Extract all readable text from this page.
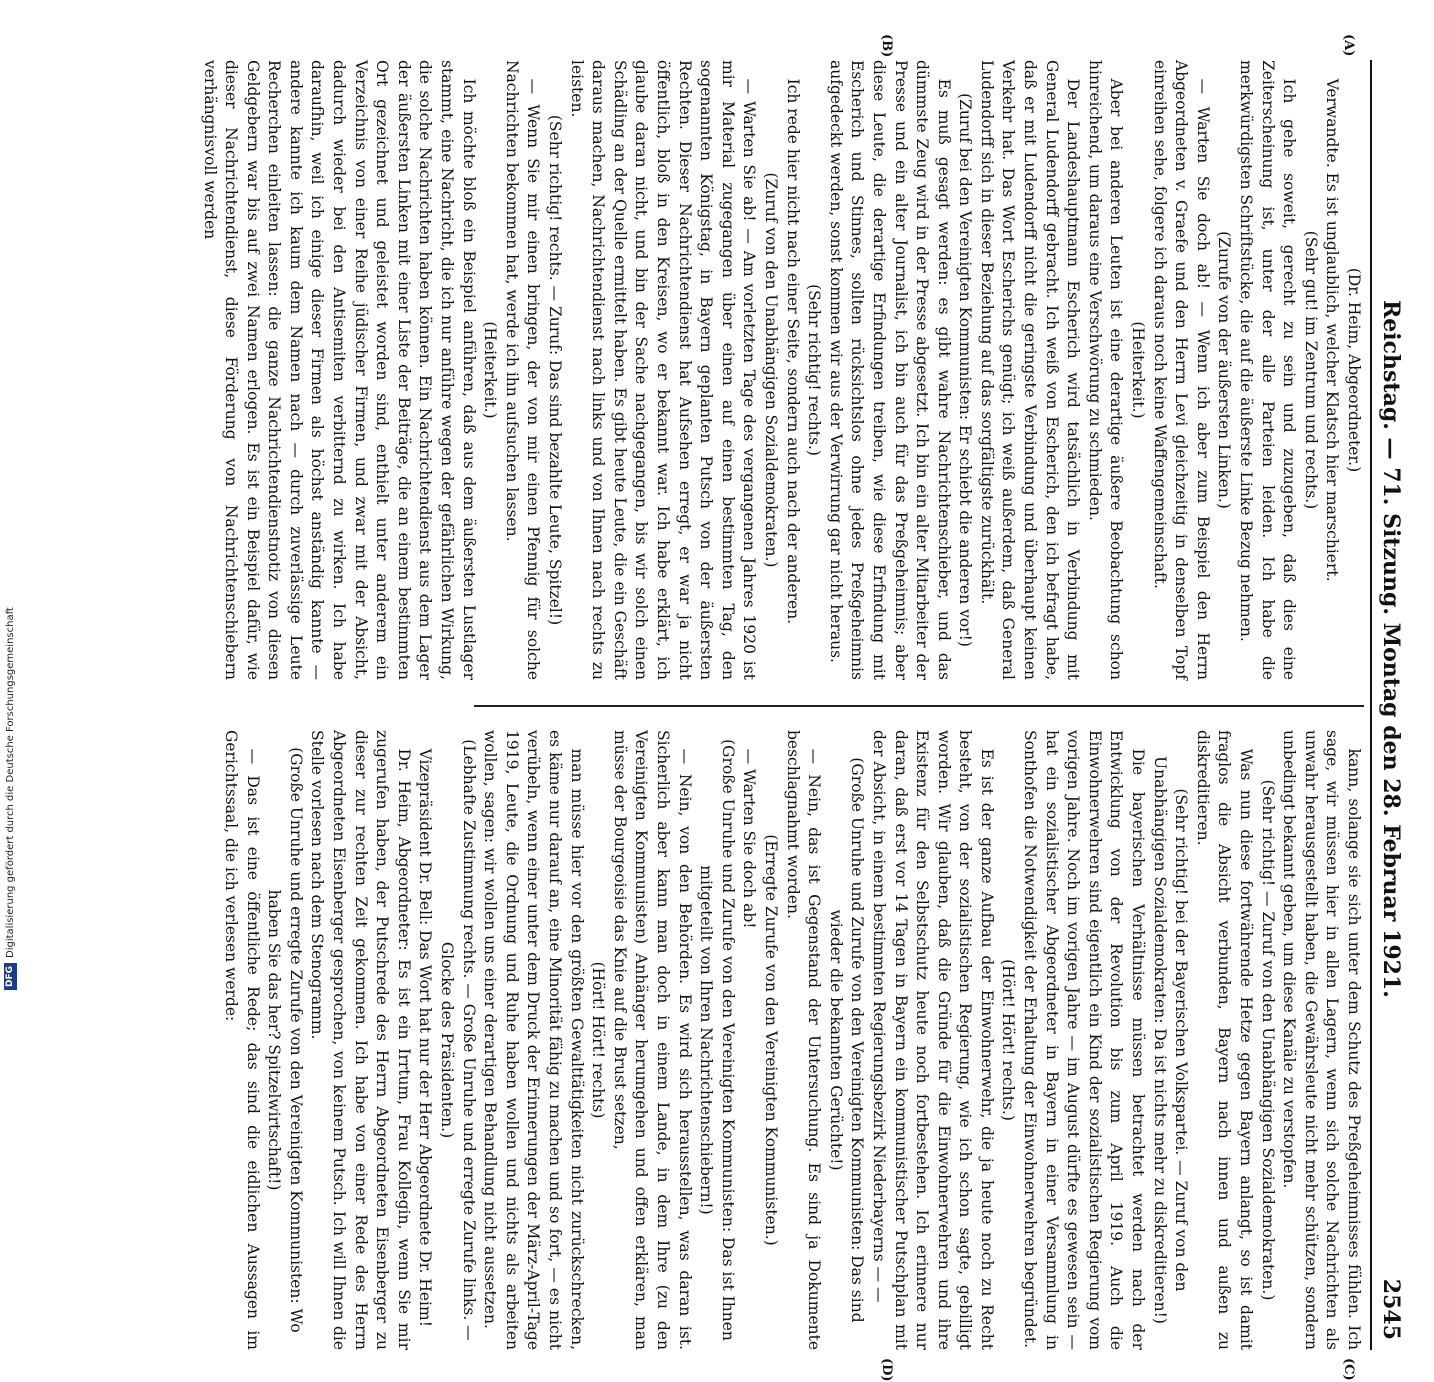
Reichstag. — 71. Sitzung. Montag den 28. Februar 1921.
2545
(A)
(B)
(C)
(D)

(Dr. Heim, Abgeordneter.)

Verwandte. Es ist unglaublich, welcher Klatsch hier marschiert.

(Sehr gut! im Zentrum und rechts.)

Ich gehe soweit, gerecht zu sein und zuzugeben, daß dies eine Zeiterscheinung ist, unter der alle Parteien leiden. Ich habe die merkwürdigsten Schriftstücke, die auf die äußerste Linke Bezug nehmen.

(Zurufe von der äußersten Linken.)

— Warten Sie doch ab! — Wenn ich aber zum Beispiel den Herrn Abgeordneten v. Graefe und den Herrn Levi gleichzeitig in denselben Topf einreihen sehe, folgere ich daraus noch keine Waffengemeinschaft.

(Heiterkeit.)

Aber bei anderen Leuten ist eine derartige äußere Beobachtung schon hinreichend, um daraus eine Verschwörung zu schmieden.

Der Landeshauptmann Escherich wird tatsächlich in Verbindung mit General Ludendorff gebracht. Ich weiß von Escherich, den ich befragt habe, daß er mit Ludendorff nicht die geringste Verbindung und überhaupt keinen Verkehr hat. Das Wort Escherichs genügt; ich weiß außerdem, daß General Ludendorff sich in dieser Beziehung auf das sorgfältigste zurückhält.

(Zuruf bei den Vereinigten Kommunisten: Er schiebt die anderen vor!)

Es muß gesagt werden: es gibt wahre Nachrichtenschieber, und das dümmste Zeug wird in der Presse abgesetzt. Ich bin ein alter Mitarbeiter der Presse und ein alter Journalist, ich bin auch für das Preßgeheimnis; aber diese Leute, die derartige Erfindungen treiben, wie diese Erfindung mit Escherich und Stinnes, sollten rücksichtslos ohne jedes Preßgeheimnis aufgedeckt werden, sonst kommen wir aus der Verwirrung gar nicht heraus.

(Sehr richtig! rechts.)

Ich rede hier nicht nach einer Seite, sondern auch nach der anderen.

(Zuruf von den Unabhängigen Sozialdemokraten.)

— Warten Sie ab! — Am vorletzten Tage des vergangenen Jahres 1920 ist mir Material zugegangen über einen auf einen bestimmten Tag, den sogenannten Königstag, in Bayern geplanten Putsch von der äußersten Rechten. Dieser Nachrichtendienst hat Aufsehen erregt, er war ja nicht öffentlich, bloß in den Kreisen, wo er bekannt war. Ich habe erklärt, ich glaube daran nicht, und bin der Sache nachgegangen, bis wir solch einen Schädling an der Quelle ermittelt haben. Es gibt heute Leute, die ein Geschäft daraus machen, Nachrichtendienst nach links und von Ihnen nach rechts zu leisten.

(Sehr richtig! rechts. — Zuruf: Das sind bezahlte Leute, Spitzel!)

— Wenn Sie mir einen bringen, der von mir einen Pfennig für solche Nachrichten bekommen hat, werde ich ihn aufsuchen lassen.

(Heiterkeit.)

Ich möchte bloß ein Beispiel anführen, daß aus dem äußersten Lustlager stammt, eine Nachricht, die ich nur anführe wegen der gefährlichen Wirkung, die solche Nachrichten haben können. Ein Nachrichtendienst aus dem Lager der äußersten Linken mit einer Liste der Beiträge, die an einem bestimmten Ort gezeichnet und geleistet worden sind, enthielt unter anderem ein Verzeichnis von einer Reihe jüdischer Firmen, und zwar mit der Absicht, dadurch wieder bei den Antisemiten verbitternd zu wirken. Ich habe daraufhin, weil ich einige dieser Firmen als höchst anständig kannte — andere kannte ich kaum dem Namen nach — durch zuverlässige Leute Recherchen einleiten lassen: die ganze Nachrichtendienstnotiz von diesen Geldgebern war bis auf zwei Namen erlogen. Es ist ein Beispiel dafür, wie dieser Nachrichtendienst, diese Förderung von Nachrichtenschiebern verhängnisvoll werden

kann, solange sie sich unter dem Schutz des Preßgeheimnisses fühlen. Ich sage, wir müssen hier in allen Lagern, wenn sich solche Nachrichten als unwahr herausgestellt haben, die Gewährsleute nicht mehr schützen, sondern unbedingt bekannt geben, um diese Kanäle zu verstopfen.

(Sehr richtig! — Zuruf von den Unabhängigen Sozialdemokraten.)

Was nun diese fortwährende Hetze gegen Bayern anlangt, so ist damit fraglos die Absicht verbunden, Bayern nach innen und außen zu diskreditieren.

(Sehr richtig! bei der Bayerischen Volkspartei. — Zuruf von den Unabhängigen Sozialdemokraten: Da ist nichts mehr zu diskreditieren!)

Die bayerischen Verhältnisse müssen betrachtet werden nach der Entwicklung von der Revolution bis zum April 1919. Auch die Einwohnerwehren sind eigentlich ein Kind der sozialistischen Regierung vom vorigen Jahre. Noch im vorigen Jahre — im August dürfte es gewesen sein — hat ein sozialistischer Abgeordneter in Bayern in einer Versammlung in Sonthofen die Notwendigkeit der Erhaltung der Einwohnerwehren begründet.

(Hört! Hört! rechts.)

Es ist der ganze Aufbau der Einwohnerwehr, die ja heute noch zu Recht besteht, von der sozialistischen Regierung, wie ich schon sagte, gebilligt worden. Wir glauben, daß die Gründe für die Einwohnerwehren und ihre Existenz für den Selbstschutz heute noch fortbestehen. Ich erinnere nur daran, daß erst vor 14 Tagen in Bayern ein kommunistischer Putschplan mit der Absicht, in einem bestimmten Regierungsbezirk Niederbayerns — —

(Große Unruhe und Zurufe von den Vereinigten Kommunisten: Das sind wieder die bekannten Gerüchte!)

— Nein, das ist Gegenstand der Untersuchung. Es sind ja Dokumente beschlagnahmt worden.

(Erregte Zurufe von den Vereinigten Kommunisten.)

— Warten Sie doch ab!

(Große Unruhe und Zurufe von den Vereinigten Kommunisten: Das ist Ihnen mitgeteilt von Ihren Nachrichtenschiebern!)

— Nein, von den Behörden. Es wird sich herausstellen, was daran ist. Sicherlich aber kann man doch in einem Lande, in dem Ihre (zu den Vereinigten Kommunisten) Anhänger herumgehen und offen erklären, man müsse der Bourgeoisie das Knie auf die Brust setzen,

(Hört! Hört! rechts)

man müsse hier vor den größten Gewalttätigkeiten nicht zurückschrecken, es käme nur darauf an, eine Minorität fähig zu machen und so fort, — es nicht verübeln, wenn einer unter dem Druck der Erinnerungen der März-April-Tage 1919, Leute, die Ordnung und Ruhe haben wollen und nichts als arbeiten wollen, sagen: wir wollen uns einer derartigen Behandlung nicht aussetzen.

(Lebhafte Zustimmung rechts. — Große Unruhe und erregte Zurufe links. — Glocke des Präsidenten.)

Vizepräsident Dr. Bell: Das Wort hat nur der Herr Abgeordnete Dr. Heim!

Dr. Heim, Abgeordneter: Es ist ein Irrtum, Frau Kollegin, wenn Sie mir zugerufen haben, der Putschrede des Herrn Abgeordneten Eisenberger zu dieser zur rechten Zeit gekommen. Ich habe von einer Rede des Herrn Abgeordneten Eisenberger gesprochen, von keinem Putsch. Ich will Ihnen die Stelle vorlesen nach dem Stenogramm.

(Große Unruhe und erregte Zurufe von den Vereinigten Kommunisten: Wo haben Sie das her? Spitzelwirtschaft!)

— Das ist eine öffentliche Rede; das sind die eidlichen Aussagen im Gerichtssaal, die ich verlesen werde:

DFGDigitalisierung gefördert durch die Deutsche Forschungsgemeinschaft
